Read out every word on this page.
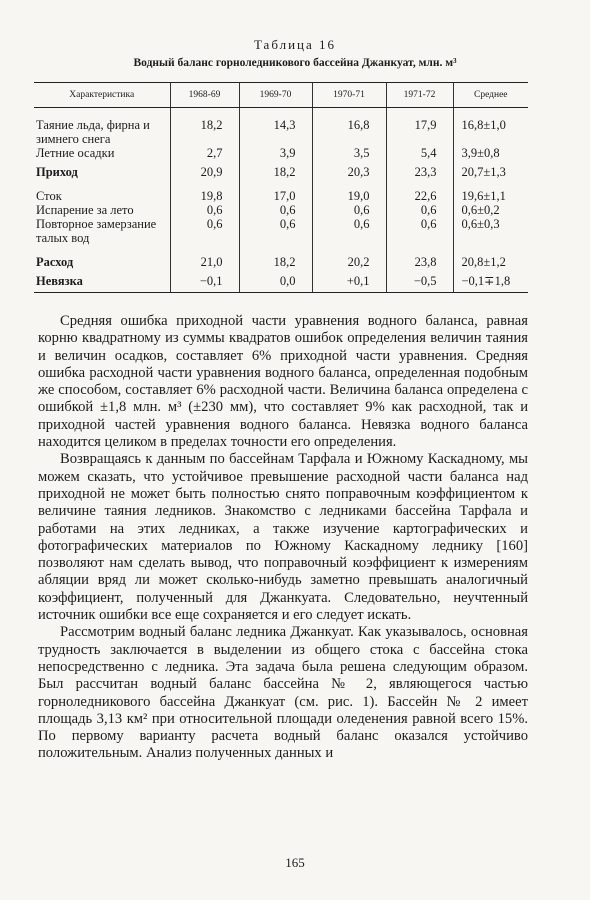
Таблица 16
Водный баланс горноледникового бассейна Джанкуат, млн. м³
Характеристика	1968-69	1969-70	1970-71	1971-72	Среднее

Таяние льда, фирна и зимнего снега	18,2	14,3	16,8	17,9	16,8±1,0
Летние осадки	2,7	3,9	3,5	5,4	3,9±0,8

Приход	20,9	18,2	20,3	23,3	20,7±1,3

Сток	19,8	17,0	19,0	22,6	19,6±1,1
Испарение за лето	0,6	0,6	0,6	0,6	0,6±0,2
Повторное замерзание талых вод	0,6	0,6	0,6	0,6	0,6±0,3

Расход	21,0	18,2	20,2	23,8	20,8±1,2

Невязка	−0,1	0,0	+0,1	−0,5	−0,1∓1,8

Средняя ошибка приходной части уравнения водного баланса, равная корню квадратному из суммы квадратов ошибок определения величин таяния и величин осадков, составляет 6% приходной части уравнения. Средняя ошибка расходной части уравнения водного баланса, определенная подобным же способом, составляет 6% расходной части. Величина баланса определена с ошибкой ±1,8 млн. м³ (±230 мм), что составляет 9% как расходной, так и приходной частей уравнения водного баланса. Невязка водного баланса находится целиком в пределах точности его определения.

Возвращаясь к данным по бассейнам Тарфала и Южному Каскадному, мы можем сказать, что устойчивое превышение расходной части баланса над приходной не может быть полностью снято поправочным коэффициентом к величине таяния ледников. Знакомство с ледниками бассейна Тарфала и работами на этих ледниках, а также изучение картографических и фотографических материалов по Южному Каскадному леднику [160] позволяют нам сделать вывод, что поправочный коэффициент к измерениям абляции вряд ли может сколько-нибудь заметно превышать аналогичный коэффициент, полученный для Джанкуата. Следовательно, неучтенный источник ошибки все еще сохраняется и его следует искать.

Рассмотрим водный баланс ледника Джанкуат. Как указывалось, основная трудность заключается в выделении из общего стока с бассейна стока непосредственно с ледника. Эта задача была решена следующим образом. Был рассчитан водный баланс бассейна № 2, являющегося частью горноледникового бассейна Джанкуат (см. рис. 1). Бассейн № 2 имеет площадь 3,13 км² при относительной площади оледенения равной всего 15%. По первому варианту расчета водный баланс оказался устойчиво положительным. Анализ полученных данных и

165
